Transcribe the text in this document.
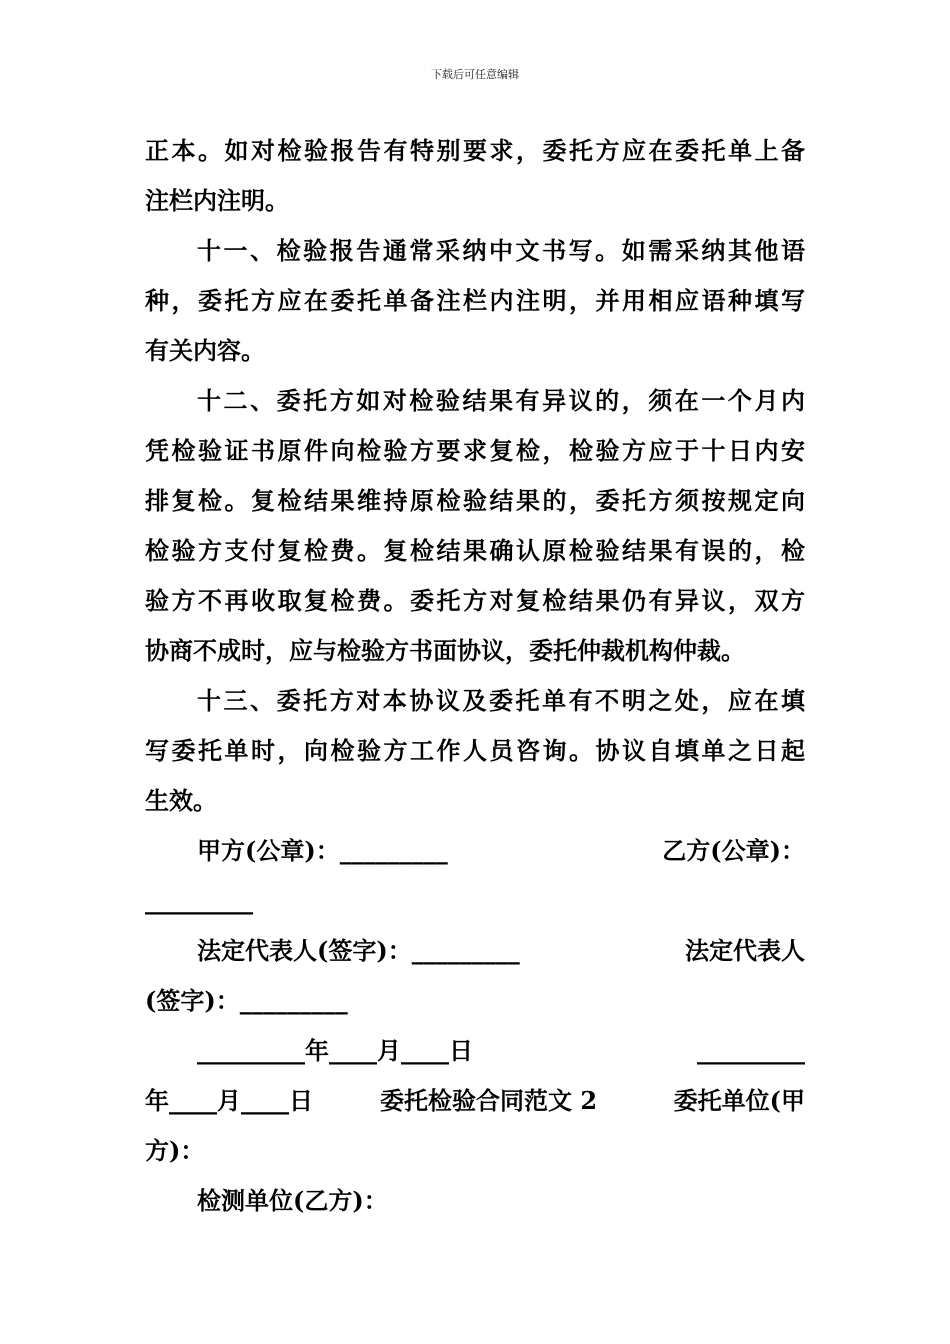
下载后可任意编辑
正本。如对检验报告有特别要求，委托方应在委托单上备
注栏内注明。
十一、检验报告通常采纳中文书写。如需采纳其他语
种，委托方应在委托单备注栏内注明，并用相应语种填写
有关内容。
十二、委托方如对检验结果有异议的，须在一个月内
凭检验证书原件向检验方要求复检，检验方应于十日内安
排复检。复检结果维持原检验结果的，委托方须按规定向
检验方支付复检费。复检结果确认原检验结果有误的，检
验方不再收取复检费。委托方对复检结果仍有异议，双方
协商不成时，应与检验方书面协议，委托仲裁机构仲裁。
十三、委托方对本协议及委托单有不明之处，应在填
写委托单时，向检验方工作人员咨询。协议自填单之日起
生效。
甲方(公章)：_________	乙方(公章)：
_________
法定代表人(签字)：_________	法定代表人
(签字)：_________
_________年____月____日	_________
年____月____日	委托检验合同范文 2	委托单位(甲
方)：
检测单位(乙方)：
